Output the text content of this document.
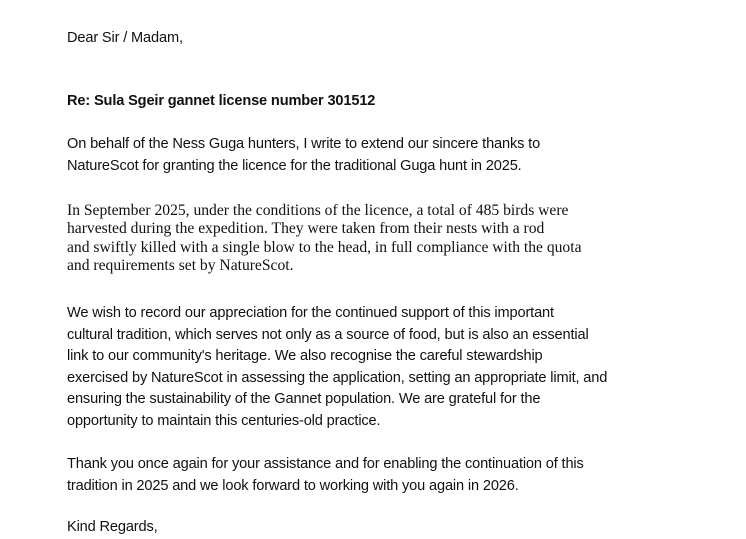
Dear Sir / Madam,

Re: Sula Sgeir gannet license number 301512

On behalf of the Ness Guga hunters, I write to extend our sincere thanks to
NatureScot for granting the licence for the traditional Guga hunt in 2025.

In September 2025, under the conditions of the licence, a total of 485 birds were
harvested during the expedition. They were taken from their nests with a rod
and swiftly killed with a single blow to the head, in full compliance with the quota
and requirements set by NatureScot.

We wish to record our appreciation for the continued support of this important
cultural tradition, which serves not only as a source of food, but is also an essential
link to our community's heritage. We also recognise the careful stewardship
exercised by NatureScot in assessing the application, setting an appropriate limit, and
ensuring the sustainability of the Gannet population. We are grateful for the
opportunity to maintain this centuries-old practice.

Thank you once again for your assistance and for enabling the continuation of this
tradition in 2025 and we look forward to working with you again in 2026.

Kind Regards,
